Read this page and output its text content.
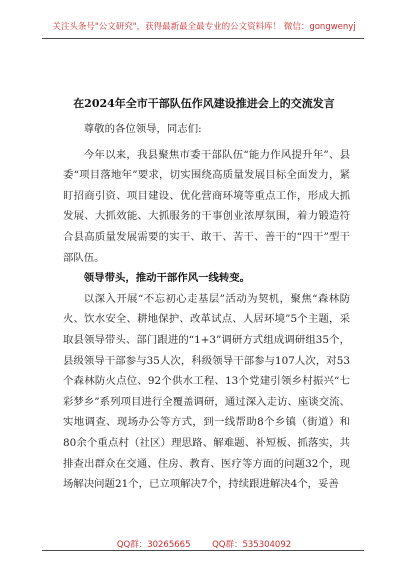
关注头条号"公文研究"，获得最新最全最专业的公文资料库！ 微信：gongwenyj
在2024年全市干部队伍作风建设推进会上的交流发言

尊敬的各位领导，同志们:

今年以来，我县聚焦市委干部队伍“能力作风提升年”、县委“项目落地年”要求，切实围绕高质量发展目标全面发力，紧盯招商引资、项目建设、优化营商环境等重点工作，形成大抓发展、大抓效能、大抓服务的干事创业浓厚氛围，着力锻造符合县高质量发展需要的实干、敢干、苦干、善干的“四干”型干部队伍。

领导带头，推动干部作风一线转变。

以深入开展“不忘初心走基层”活动为契机，聚焦“森林防火、饮水安全、耕地保护、改革试点、人居环境”5个主题，采取县领导带头、部门跟进的“1+3”调研方式组成调研组35个，县级领导干部参与35人次，科级领导干部参与107人次，对53个森林防火点位、92个供水工程、13个党建引领乡村振兴“七彩梦乡”系列项目进行全覆盖调研，通过深入走访、座谈交流、实地调查、现场办公等方式，到一线帮助8个乡镇（街道）和80余个重点村（社区）理思路、解难题、补短板、抓落实，共排查出群众在交通、住房、教育、医疗等方面的问题32个，现场解决问题21个，已立项解决7个，持续跟进解决4个，妥善

QQ群：30265665        QQ群：535304092
